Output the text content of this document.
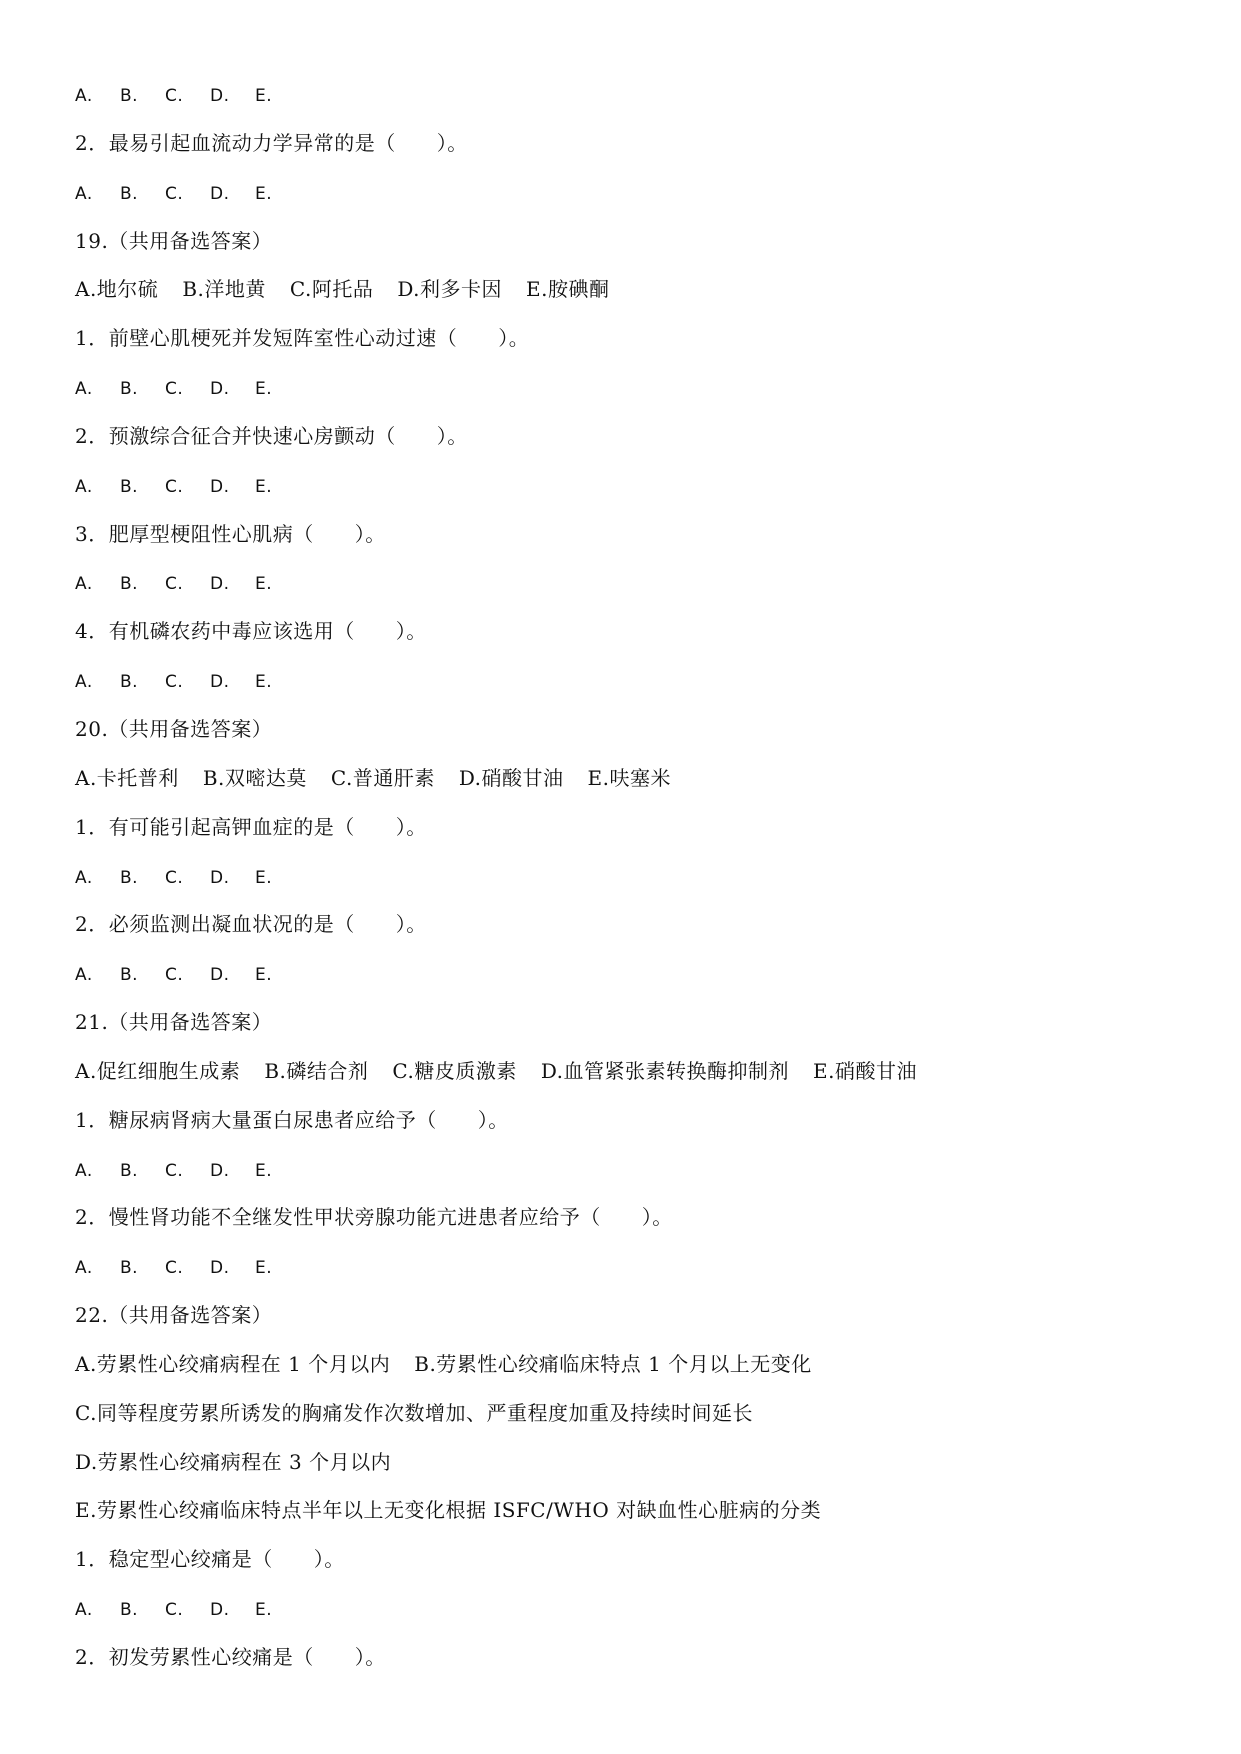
A. B. C. D. E.
2．最易引起血流动力学异常的是（　　）。
A. B. C. D. E.
19.（共用备选答案）
A.地尔硫 B.洋地黄 C.阿托品 D.利多卡因 E.胺碘酮
1．前壁心肌梗死并发短阵室性心动过速（　　）。
A. B. C. D. E.
2．预激综合征合并快速心房颤动（　　）。
A. B. C. D. E.
3．肥厚型梗阻性心肌病（　　）。
A. B. C. D. E.
4．有机磷农药中毒应该选用（　　）。
A. B. C. D. E.
20.（共用备选答案）
A.卡托普利 B.双嘧达莫 C.普通肝素 D.硝酸甘油 E.呋塞米
1．有可能引起高钾血症的是（　　）。
A. B. C. D. E.
2．必须监测出凝血状况的是（　　）。
A. B. C. D. E.
21.（共用备选答案）
A.促红细胞生成素 B.磷结合剂 C.糖皮质激素 D.血管紧张素转换酶抑制剂 E.硝酸甘油
1．糖尿病肾病大量蛋白尿患者应给予（　　）。
A. B. C. D. E.
2．慢性肾功能不全继发性甲状旁腺功能亢进患者应给予（　　）。
A. B. C. D. E.
22.（共用备选答案）
A.劳累性心绞痛病程在 1 个月以内 B.劳累性心绞痛临床特点 1 个月以上无变化
C.同等程度劳累所诱发的胸痛发作次数增加、严重程度加重及持续时间延长
D.劳累性心绞痛病程在 3 个月以内
E.劳累性心绞痛临床特点半年以上无变化根据 ISFC/WHO 对缺血性心脏病的分类
1．稳定型心绞痛是（　　）。
A. B. C. D. E.
2．初发劳累性心绞痛是（　　）。
